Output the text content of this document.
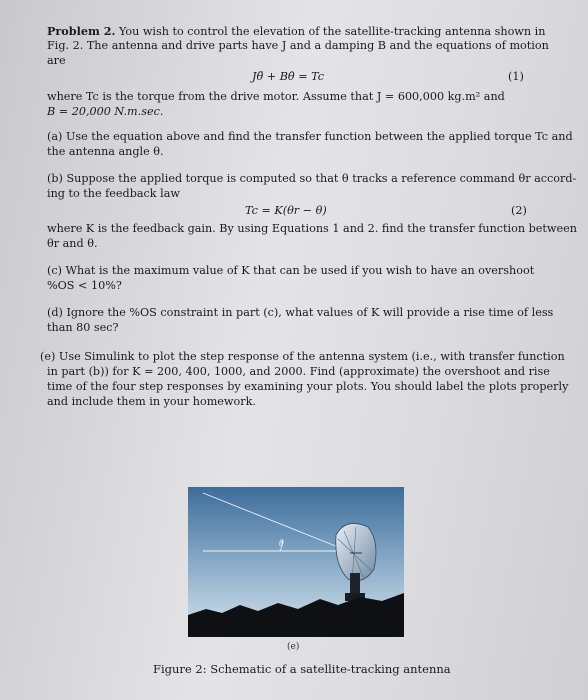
Problem 2. You wish to control the elevation of the satellite-tracking antenna shown in
Fig. 2. The antenna and drive parts have J and a damping B and the equations of motion
are
Jθ̈ + Bθ̇ = Tc	(1)
where Tc is the torque from the drive motor. Assume that J = 600,000 kg.m² and
B = 20,000 N.m.sec.
(a) Use the equation above and find the transfer function between the applied torque Tc and
the antenna angle θ.
(b) Suppose the applied torque is computed so that θ tracks a reference command θr accord-
ing to the feedback law
Tc = K(θr − θ)	(2)
where K is the feedback gain. By using Equations 1 and 2. find the transfer function between
θr and θ.
(c) What is the maximum value of K that can be used if you wish to have an overshoot
%OS < 10%?
(d) Ignore the %OS constraint in part (c), what values of K will provide a rise time of less
than 80 sec?
(e) Use Simulink to plot the step response of the antenna system (i.e., with transfer function
in part (b)) for K = 200, 400, 1000, and 2000. Find (approximate) the overshoot and rise
time of the four step responses by examining your plots. You should label the plots properly
and include them in your homework.
θ
(e)
Figure 2: Schematic of a satellite-tracking antenna
